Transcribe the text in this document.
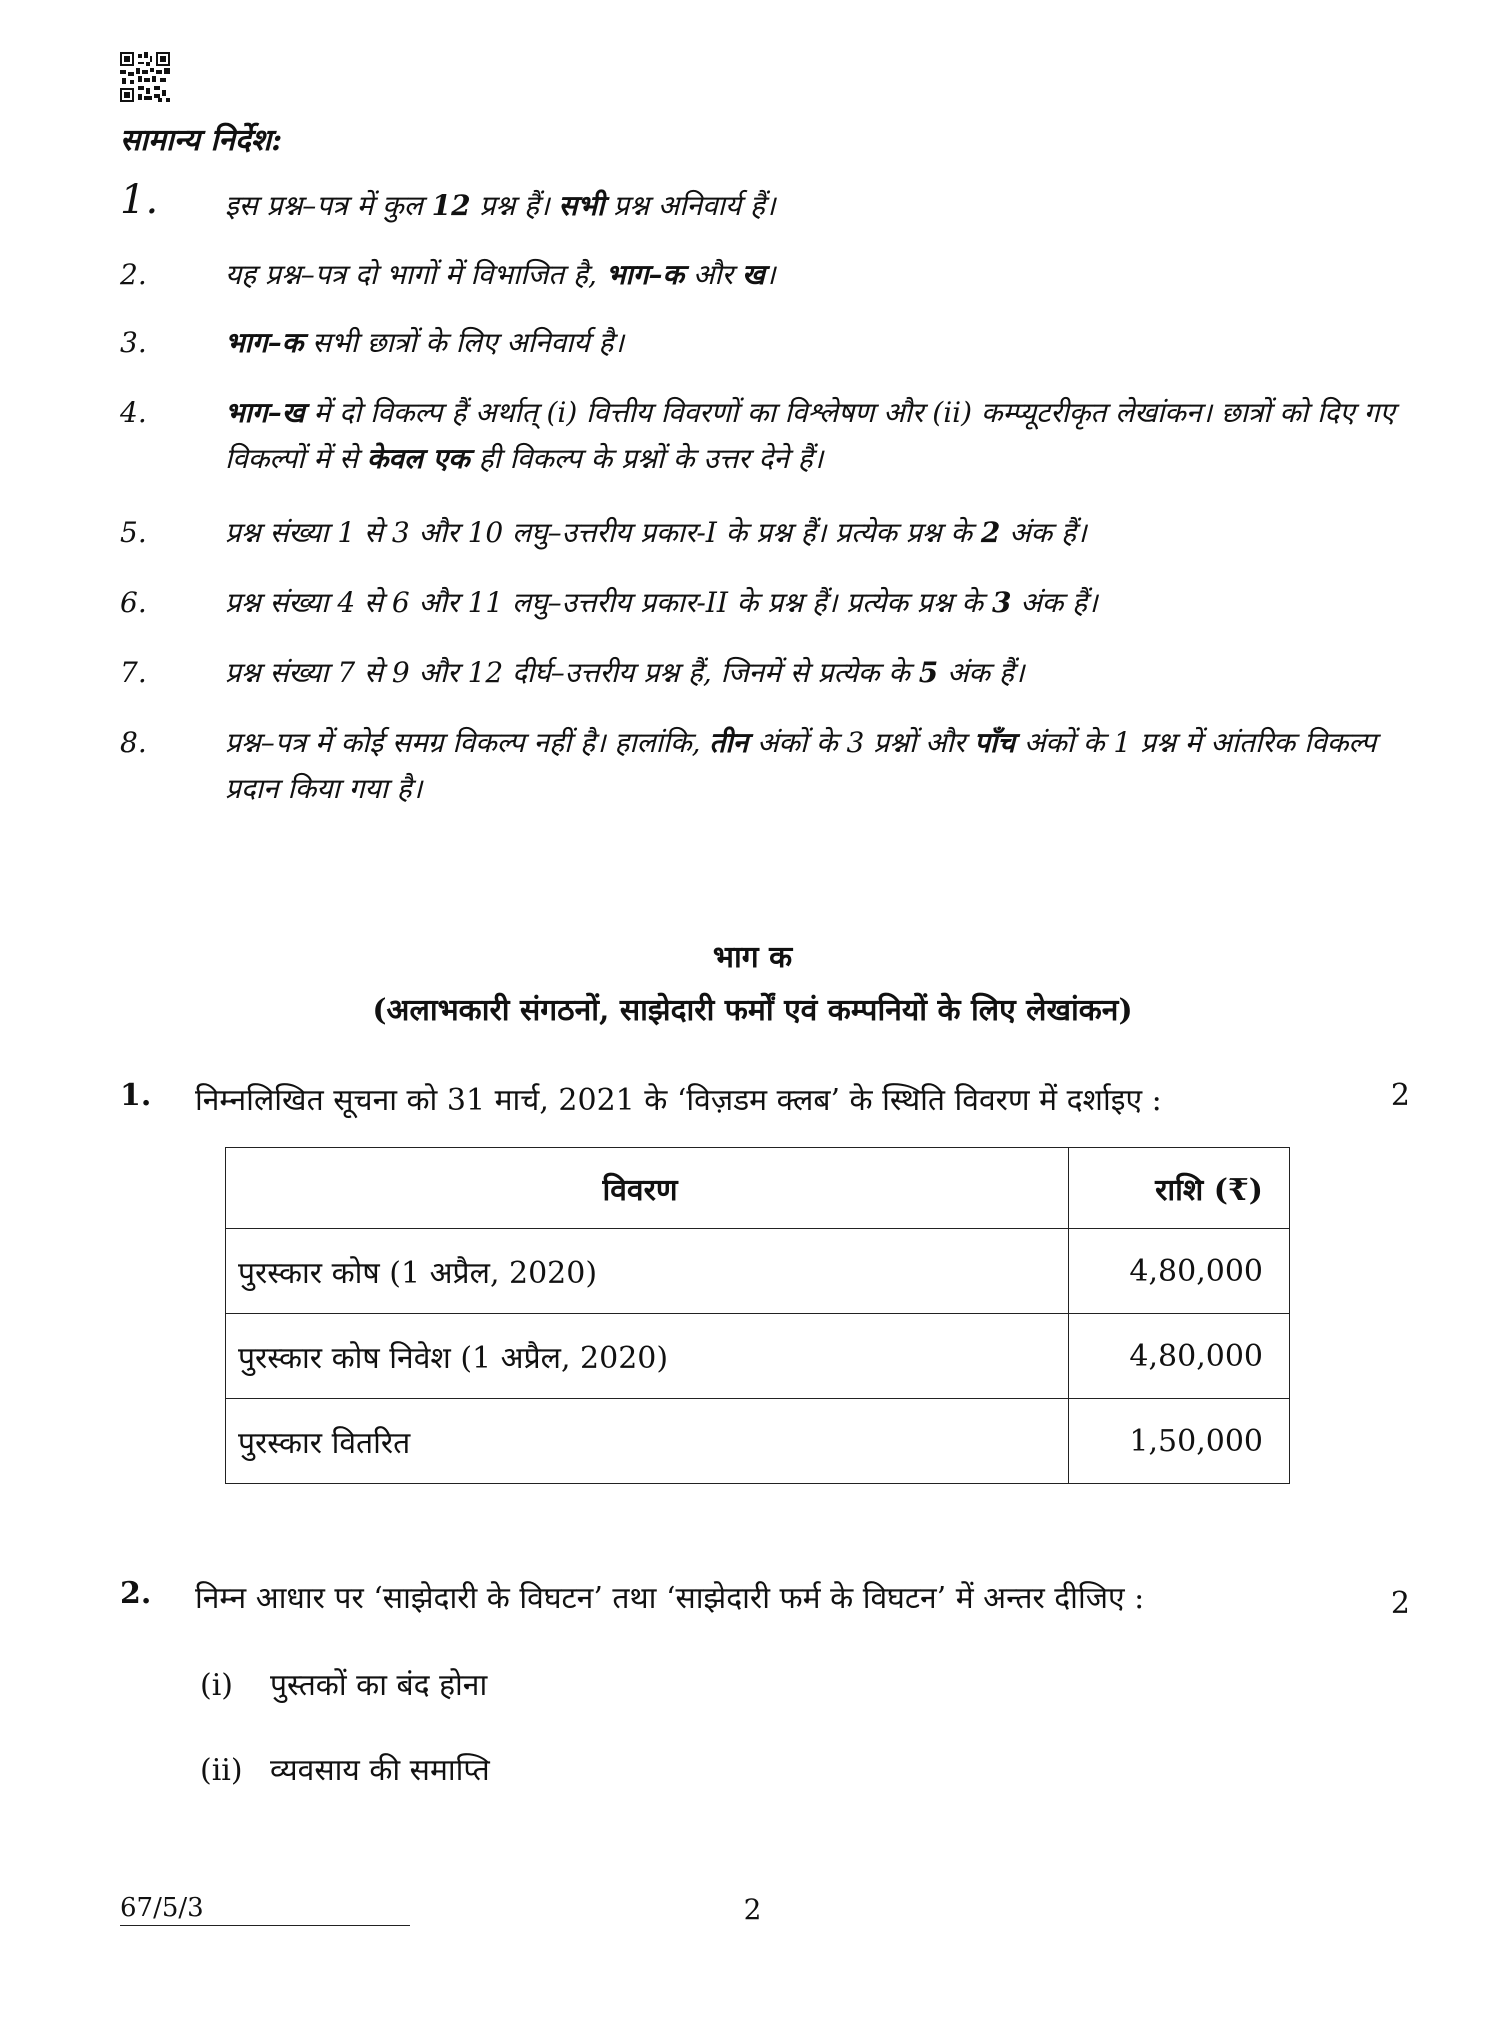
सामान्य निर्देश:
1.	इस प्रश्न–पत्र में कुल 12 प्रश्न हैं। सभी प्रश्न अनिवार्य हैं।
2.	यह प्रश्न–पत्र दो भागों में विभाजित है, भाग–क और ख।
3.	भाग–क सभी छात्रों के लिए अनिवार्य है।
4.	भाग–ख में दो विकल्प हैं अर्थात् (i) वित्तीय विवरणों का विश्लेषण और (ii) कम्प्यूटरीकृत लेखांकन। छात्रों को दिए गए विकल्पों में से केवल एक ही विकल्प के प्रश्नों के उत्तर देने हैं।
5.	प्रश्न संख्या 1 से 3 और 10 लघु–उत्तरीय प्रकार-I के प्रश्न हैं। प्रत्येक प्रश्न के 2 अंक हैं।
6.	प्रश्न संख्या 4 से 6 और 11 लघु–उत्तरीय प्रकार-II के प्रश्न हैं। प्रत्येक प्रश्न के 3 अंक हैं।
7.	प्रश्न संख्या 7 से 9 और 12 दीर्घ–उत्तरीय प्रश्न हैं, जिनमें से प्रत्येक के 5 अंक हैं।
8.	प्रश्न–पत्र में कोई समग्र विकल्प नहीं है। हालांकि, तीन अंकों के 3 प्रश्नों और पाँच अंकों के 1 प्रश्न में आंतरिक विकल्प प्रदान किया गया है।
भाग क
(अलाभकारी संगठनों, साझेदारी फर्मों एवं कम्पनियों के लिए लेखांकन)
1. निम्नलिखित सूचना को 31 मार्च, 2021 के ‘विज़डम क्लब’ के स्थिति विवरण में दर्शाइए :	2
विवरण	राशि (₹)
पुरस्कार कोष (1 अप्रैल, 2020)	4,80,000
पुरस्कार कोष निवेश (1 अप्रैल, 2020)	4,80,000
पुरस्कार वितरित	1,50,000
2. निम्न आधार पर ‘साझेदारी के विघटन’ तथा ‘साझेदारी फर्म के विघटन’ में अन्तर दीजिए :	2
(i) पुस्तकों का बंद होना
(ii) व्यवसाय की समाप्ति
67/5/3	2
